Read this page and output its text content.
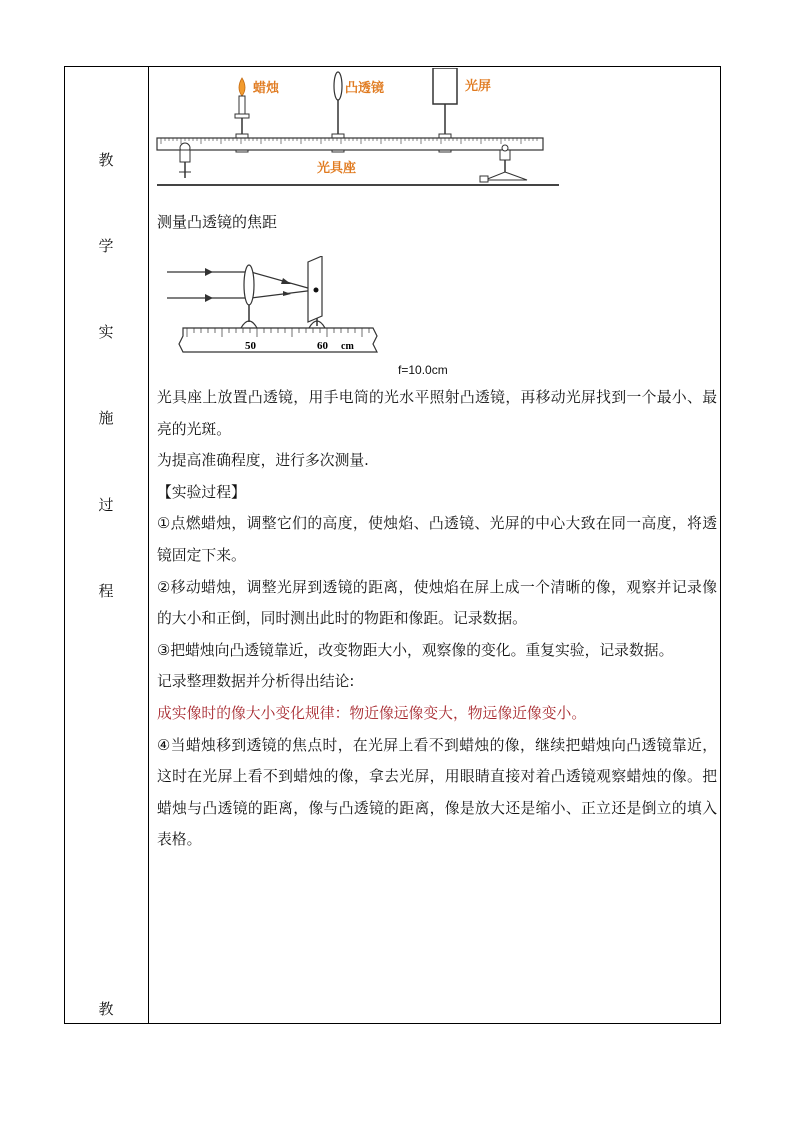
教
学
实
施
过
程
教
蜡烛	凸透镜	光屏
光具座
测量凸透镜的焦距
50	60 cm
f=10.0cm

光具座上放置凸透镜，用手电筒的光水平照射凸透镜，再移动光屏找到一个最小、最亮的光斑。

为提高准确程度，进行多次测量.

【实验过程】

①点燃蜡烛，调整它们的高度，使烛焰、凸透镜、光屏的中心大致在同一高度，将透镜固定下来。

②移动蜡烛，调整光屏到透镜的距离，使烛焰在屏上成一个清晰的像，观察并记录像的大小和正倒，同时测出此时的物距和像距。记录数据。

③把蜡烛向凸透镜靠近，改变物距大小，观察像的变化。重复实验，记录数据。

记录整理数据并分析得出结论:

成实像时的像大小变化规律：物近像远像变大，物远像近像变小。

④当蜡烛移到透镜的焦点时，在光屏上看不到蜡烛的像，继续把蜡烛向凸透镜靠近，这时在光屏上看不到蜡烛的像，拿去光屏，用眼睛直接对着凸透镜观察蜡烛的像。把蜡烛与凸透镜的距离，像与凸透镜的距离，像是放大还是缩小、正立还是倒立的填入表格。
